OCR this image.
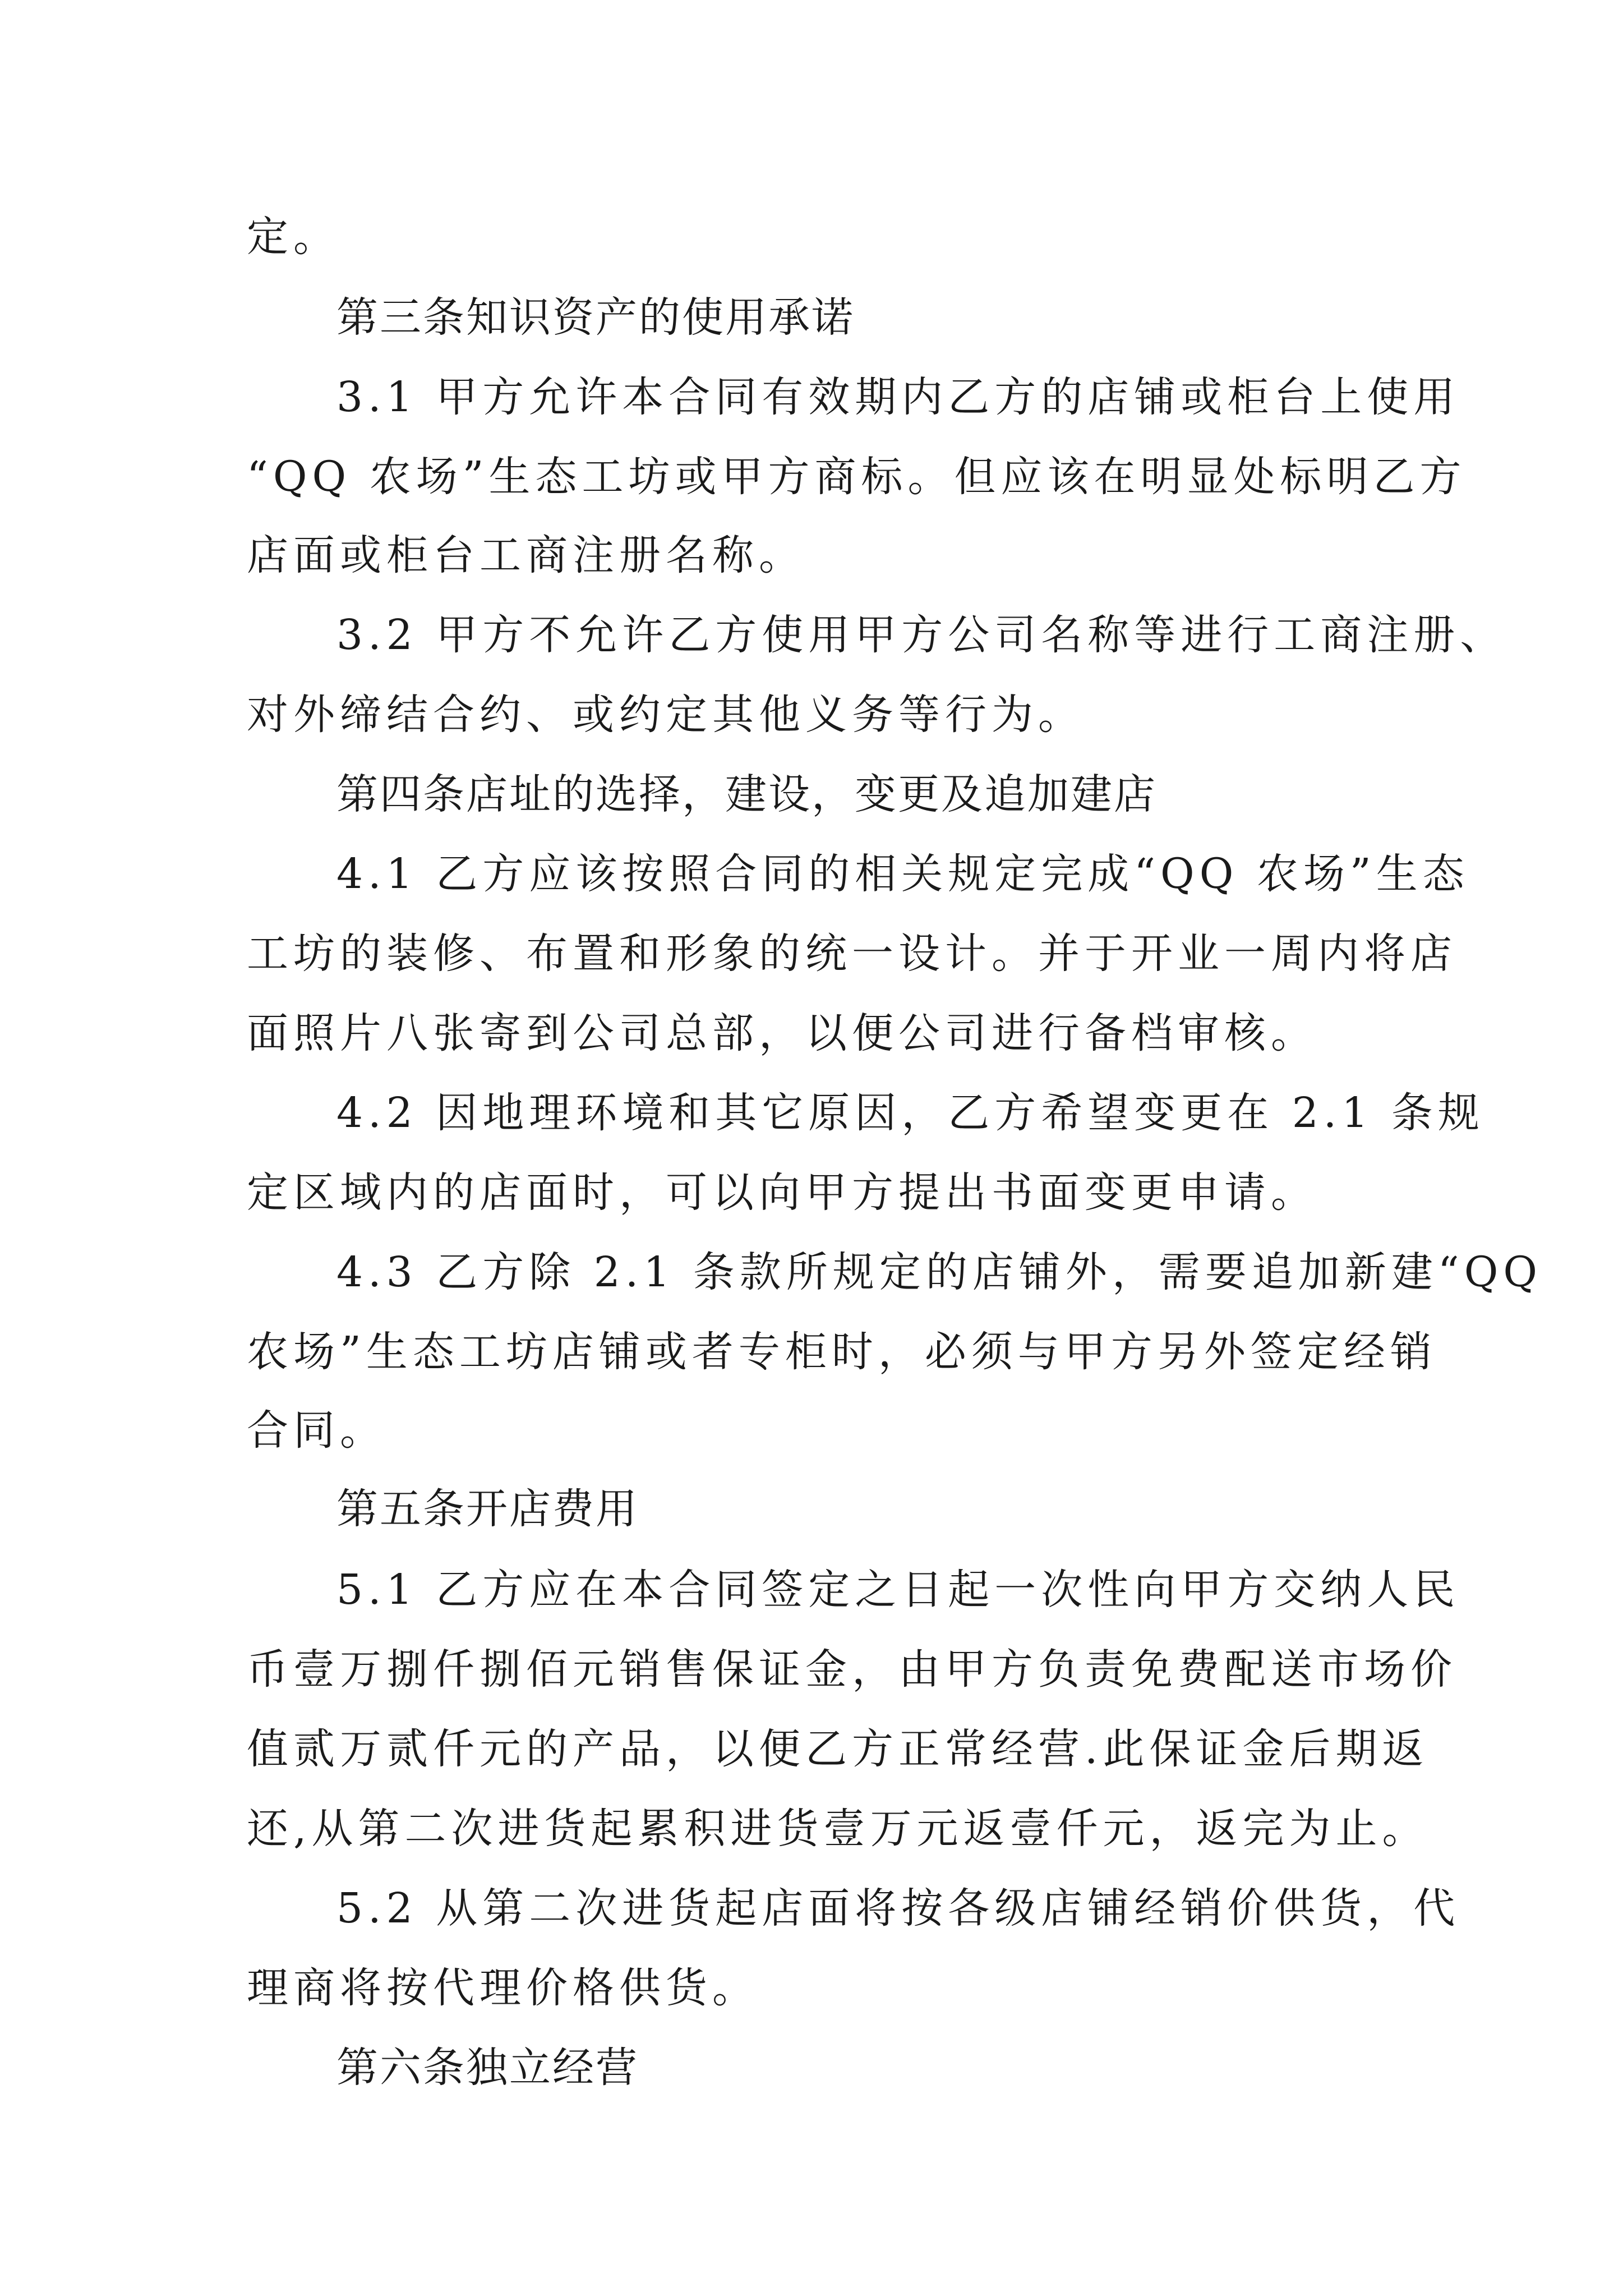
定。
第三条知识资产的使用承诺
3.1 甲方允许本合同有效期内乙方的店铺或柜台上使用
“QQ 农场”生态工坊或甲方商标。但应该在明显处标明乙方
店面或柜台工商注册名称。
3.2 甲方不允许乙方使用甲方公司名称等进行工商注册、
对外缔结合约、或约定其他义务等行为。
第四条店址的选择，建设，变更及追加建店
4.1 乙方应该按照合同的相关规定完成“QQ 农场”生态
工坊的装修、布置和形象的统一设计。并于开业一周内将店
面照片八张寄到公司总部，以便公司进行备档审核。
4.2 因地理环境和其它原因，乙方希望变更在 2.1 条规
定区域内的店面时，可以向甲方提出书面变更申请。
4.3 乙方除 2.1 条款所规定的店铺外，需要追加新建“QQ
农场”生态工坊店铺或者专柜时，必须与甲方另外签定经销
合同。
第五条开店费用
5.1 乙方应在本合同签定之日起一次性向甲方交纳人民
币壹万捌仟捌佰元销售保证金，由甲方负责免费配送市场价
值贰万贰仟元的产品，以便乙方正常经营.此保证金后期返
还,从第二次进货起累积进货壹万元返壹仟元，返完为止。
5.2 从第二次进货起店面将按各级店铺经销价供货，代
理商将按代理价格供货。
第六条独立经营
